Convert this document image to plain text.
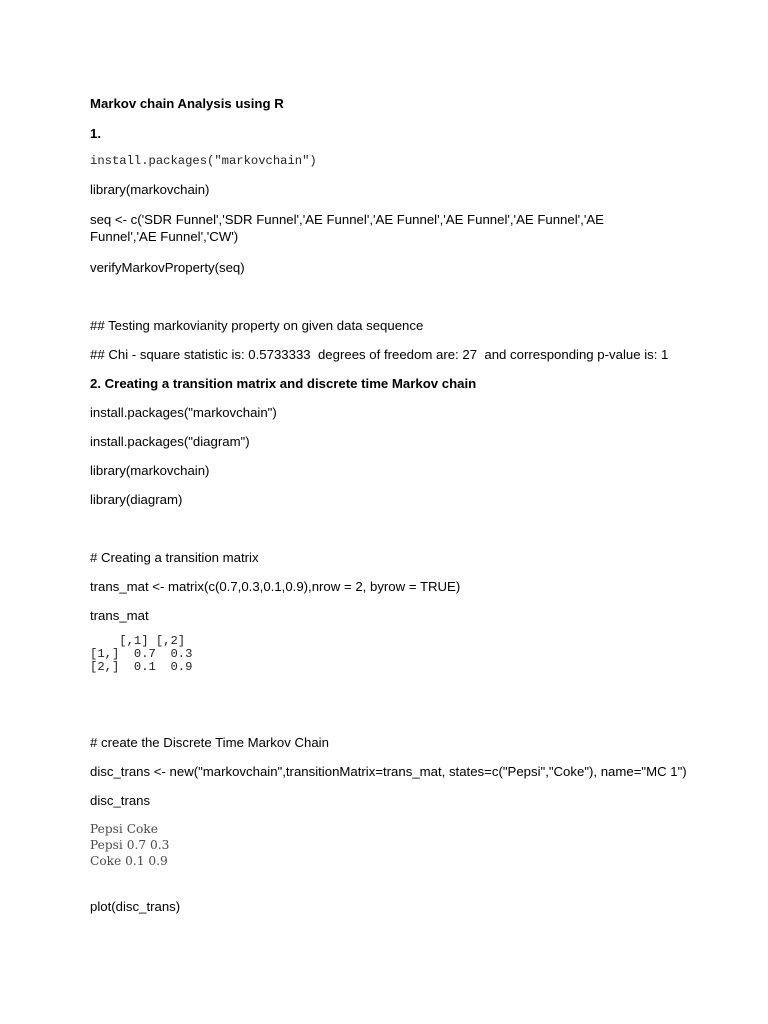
Markov chain Analysis using R
1.
install.packages("markovchain")
library(markovchain)
seq <- c('SDR Funnel','SDR Funnel','AE Funnel','AE Funnel','AE Funnel','AE Funnel','AE Funnel','AE Funnel','CW')
verifyMarkovProperty(seq)
## Testing markovianity property on given data sequence
## Chi - square statistic is: 0.5733333  degrees of freedom are: 27  and corresponding p-value is: 1
2. Creating a transition matrix and discrete time Markov chain
install.packages("markovchain")
install.packages("diagram")
library(markovchain)
library(diagram)
# Creating a transition matrix
trans_mat <- matrix(c(0.7,0.3,0.1,0.9),nrow = 2, byrow = TRUE)
trans_mat
[,1] [,2]
[1,]  0.7  0.3
[2,]  0.1  0.9
# create the Discrete Time Markov Chain
disc_trans <- new("markovchain",transitionMatrix=trans_mat, states=c("Pepsi","Coke"), name="MC 1")
disc_trans
Pepsi Coke
Pepsi 0.7 0.3
Coke 0.1 0.9
plot(disc_trans)
